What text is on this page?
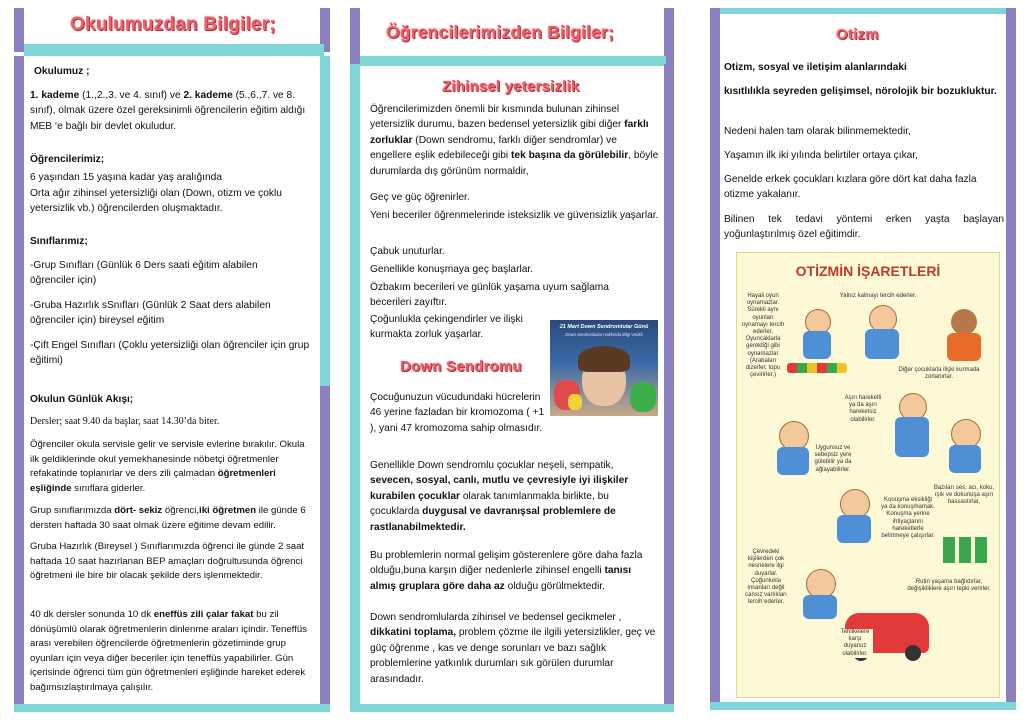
Okulumuzdan Bilgiler;
Okulumuz ;
1. kademe (1.,2.,3. ve 4. sınıf) ve 2. kademe (5.,6.,7. ve 8. sınıf), olmak üzere özel gereksinimli öğrencilerin eğitim aldığı MEB ‘e bağlı bir devlet okuludur.
Öğrencilerimiz;
6 yaşından 15 yaşına kadar yaş aralığında
Orta ağır zihinsel yetersizliği olan (Down, otizm ve çoklu yetersizlik vb.) öğrencilerden oluşmaktadır.
Sınıflarımız;
-Grup Sınıfları (Günlük 6 Ders saati eğitim alabilen öğrenciler için)
-Gruba Hazırlık sSnıfları (Günlük 2 Saat ders alabilen öğrenciler için) bireysel eğitim
-Çift Engel Sınıfları (Çoklu yetersizliği olan öğrenciler için grup eğitimi)
Okulun Günlük Akışı;
Dersler; saat 9.40 da başlar, saat 14.30’da biter.
Öğrenciler okula servisle gelir ve servisle evlerine bırakılır. Okula ilk geldiklerinde okul yemekhanesinde nöbetçi öğretmenler refakatinde toplanırlar ve ders zili çalmadan öğretmenleri eşliğinde sınıflara giderler.
Grup sınıflarımızda dört- sekiz öğrenci,iki öğretmen ile günde 6 dersten haftada 30 saat olmak üzere eğitime devam edilir.
Gruba Hazırlık (Bireysel ) Sınıflarımızda öğrenci ile günde 2 saat haftada 10 saat hazırlanan BEP amaçları doğrultusunda öğrenci öğretmeni ile bire bir olacak şekilde ders işlenmektedir.
40 dk dersler sonunda 10 dk eneffüs zili çalar fakat bu zil dönüşümlü olarak öğretmenlerin dinlenme araları içindir. Teneffüs arası verebilen öğrencilerde öğretmenlerin gözetiminde grup oyunları için veya diğer beceriler için teneffüs yapabilirler. Gün içerisinde öğrenci tüm gün öğretmenleri eşliğinde hareket ederek bağımsızlaştırılmaya çalışılır.
Öğrencilerimizden Bilgiler;
Zihinsel yetersizlik
Öğrencilerimizden önemli bir kısmında bulunan zihinsel yetersizlik durumu, bazen bedensel yetersizlik gibi diğer farklı zorluklar (Down sendromu, farklı diğer sendromlar) ve engellere eşlik edebileceği gibi tek başına da görülebilir, böyle durumlarda dış görünüm normaldir,
Geç ve güç öğrenirler.
Yeni beceriler öğrenmelerinde isteksizlik ve güvensizlik yaşarlar.
Çabuk unuturlar.
Genellikle konuşmaya geç başlarlar.
Özbakım becerileri ve günlük yaşama uyum sağlama
becerileri zayıftır.
Çoğunlukla çekingendirler ve ilişki
kurmakta zorluk yaşarlar.
21 Mart Down Sendromlular Günü
Down Sendromlular Hakkında Bilgi Verildi
Down Sendromu
Çocuğunuzun vücudundaki hücrelerin 46 yerine fazladan bir kromozoma ( +1 ), yani 47 kromozoma sahip olmasıdır.
Genellikle Down sendromlu çocuklar neşeli, sempatik, sevecen, sosyal, canlı, mutlu ve çevresiyle iyi ilişkiler kurabilen çocuklar olarak tanımlanmakla birlikte, bu çocuklarda duygusal ve davranışsal problemlere de rastlanabilmektedir.
Bu problemlerin normal gelişim gösterenlere göre daha fazla olduğu,buna karşın diğer nedenlerle zihinsel engelli tanısı almış gruplara göre daha az olduğu görülmektedir.
Down sendromlularda zihinsel ve bedensel gecikmeler , dikkatini toplama, problem çözme ile ilgili yetersizlikler, geç ve güç öğrenme , kas ve denge sorunları ve bazı sağlık problemlerine yatkınlık durumları sık görülen durumlar arasındadır.
Otizm
Otizm, sosyal ve iletişim alanlarındaki
kısıtlılıkla seyreden gelişimsel, nörolojik bir bozukluktur.
Nedeni halen tam olarak bilinmemektedir,
Yaşamın ilk iki yılında belirtiler ortaya çıkar,
Genelde erkek çocukları kızlara göre dört kat daha fazla otizme yakalanır.
Bilinen tek tedavi yöntemi erken yaşta başlayan yoğunlaştırılmış özel eğitimdir.
OTİZMİN İŞARETLERİ
Hayali oyun oynamazlar. Sürekli aynı oyunları oynamayı tercih ederler. Oyuncaklarla gerektiği gibi oynamazlar (Arabaları dizerler, topu çevirirler.)
Yalnız kalmayı tercih ederler.
Diğer çocuklarla ilişki kurmada zorlanırlar.
Aşırı hareketli ya da aşırı hareketsiz olabilirler.
Uygunsuz ve sebepsiz yere gülebilir ya da ağlayabilirler.
Bazıları ses, acı, koku, ışık ve dokunuşa aşırı hassastırlar.
Konuşma eksikliği ya da konuşmamak. Konuşma yerine ihtiyaçlarını hareketlerle belirtmeye çalışırlar.
Çevredeki kişilerden çok nesnelere ilgi duyarlar. Çoğunlukla insanları değil cansız varlıkları tercih ederler.
Rutin yaşama bağlıdırlar, değişikliklere aşırı tepki verirler.
Tehlikelere karşı duyarsız olabilirler.
